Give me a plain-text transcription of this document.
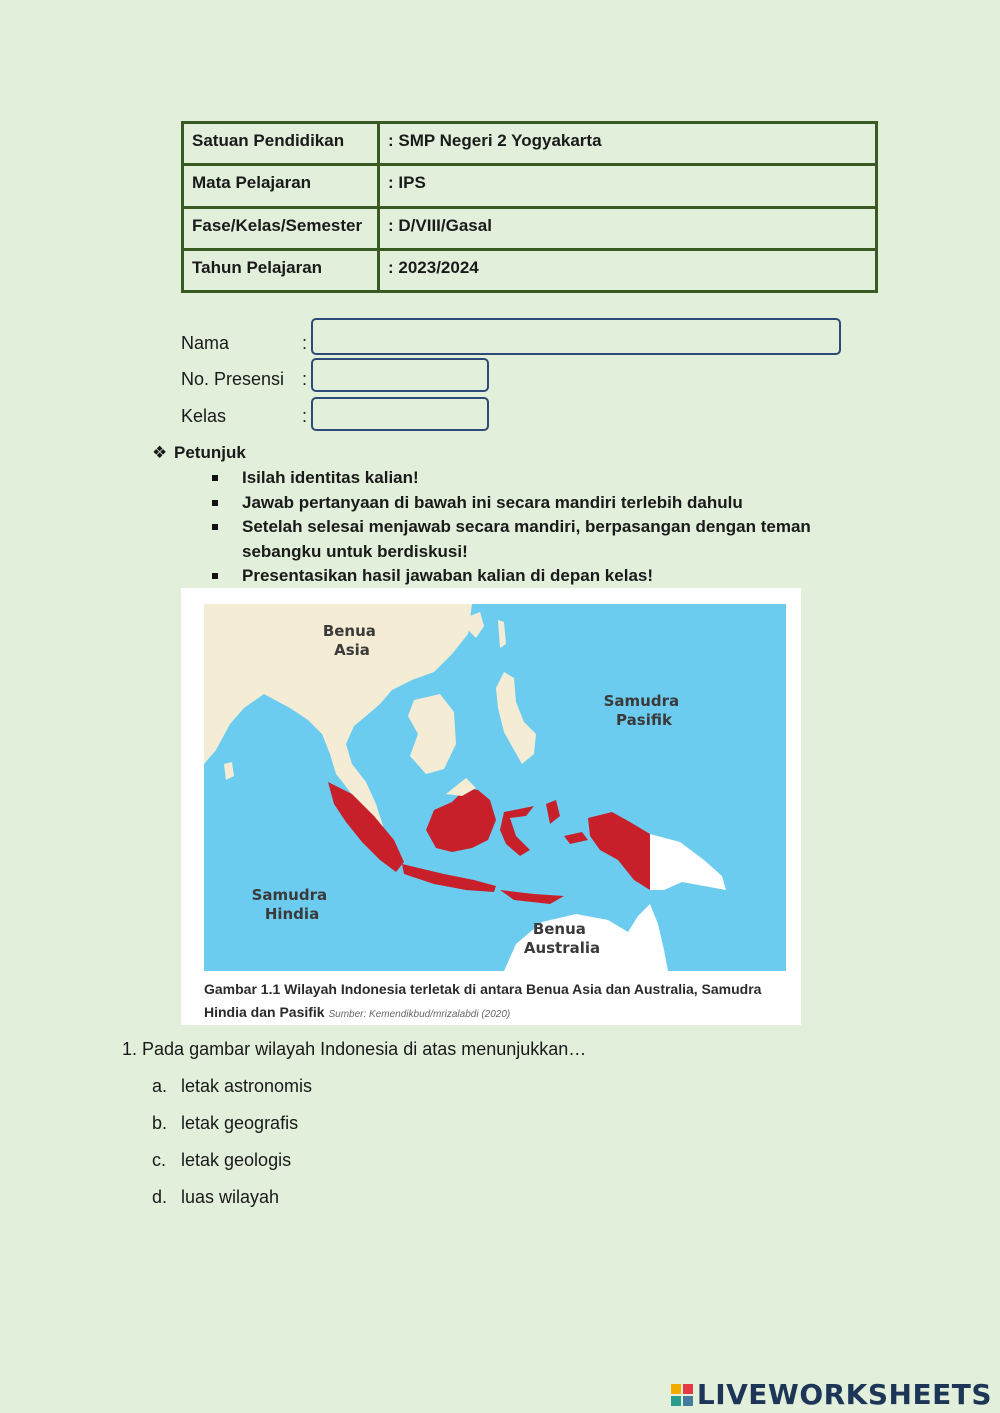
Satuan Pendidikan	: SMP Negeri 2 Yogyakarta
Mata Pelajaran	: IPS
Fase/Kelas/Semester	: D/VIII/Gasal
Tahun Pelajaran	: 2023/2024
Nama	:
No. Presensi :
Kelas	:
❖ Petunjuk
Isilah identitas kalian!
Jawab pertanyaan di bawah ini secara mandiri terlebih dahulu
Setelah selesai menjawab secara mandiri, berpasangan dengan teman sebangku untuk berdiskusi!
Presentasikan hasil jawaban kalian di depan kelas!
Benua Asia
Samudra Pasifik
Samudra Hindia
Benua Australia
Gambar 1.1 Wilayah Indonesia terletak di antara Benua Asia dan Australia, Samudra Hindia dan Pasifik Sumber: Kemendikbud/mrizalabdi (2020)
1. Pada gambar wilayah Indonesia di atas menunjukkan…
a. letak astronomis
b. letak geografis
c. letak geologis
d. luas wilayah
LIVEWORKSHEETS
